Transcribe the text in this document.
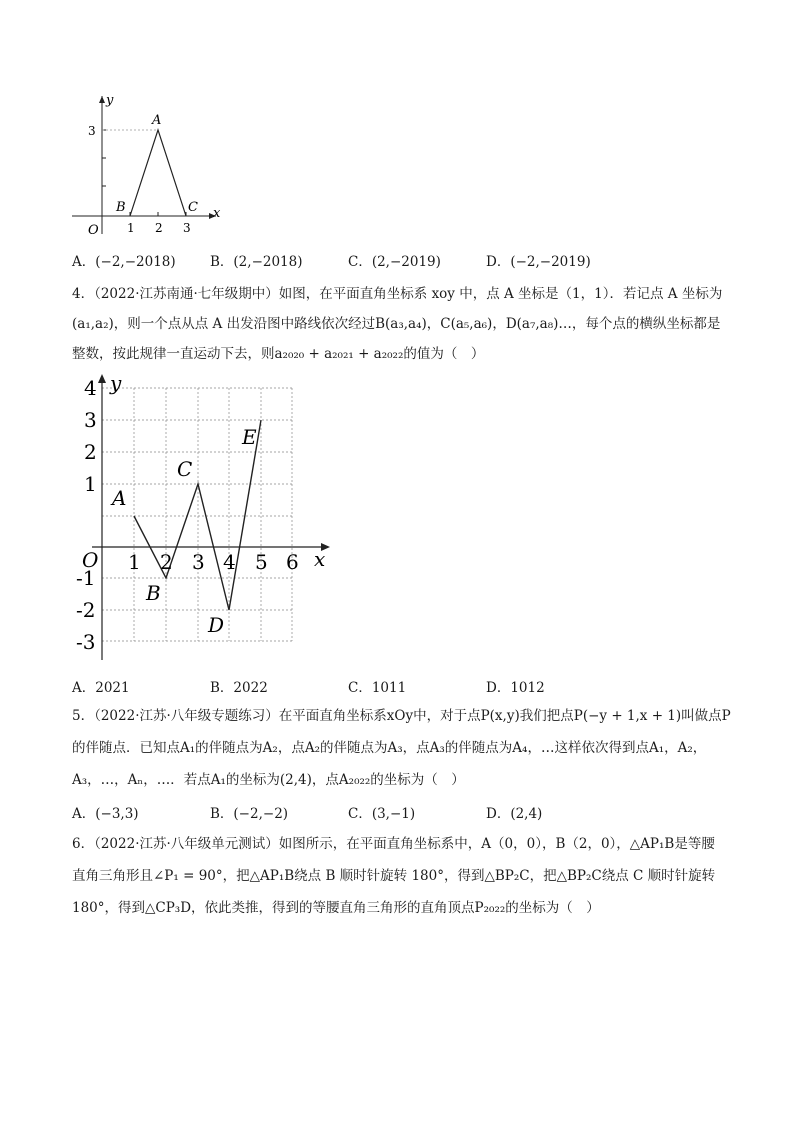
y
x
O
3
1 2 3
A
B	C
A．(−2,−2018)	B．(2,−2018)	C．(2,−2019)	D．(−2,−2019)
4．（2022·江苏南通·七年级期中）如图，在平面直角坐标系 xoy 中，点 A 坐标是（1，1）．若记点 A 坐标为
(a₁,a₂)，则一个点从点 A 出发沿图中路线依次经过B(a₃,a₄)，C(a₅,a₆)，D(a₇,a₈)…，每个点的横纵坐标都是
整数，按此规律一直运动下去，则a₂₀₂₀ + a₂₀₂₁ + a₂₀₂₂的值为（　）
y
x
O 1 2 3 4 5 6
4
3
2
1
-1
-2
-3
A
B
C
D
E
A．2021	B．2022	C．1011	D．1012
5．（2022·江苏·八年级专题练习）在平面直角坐标系xOy中，对于点P(x,y)我们把点P(−y + 1,x + 1)叫做点P
的伴随点．已知点A₁的伴随点为A₂，点A₂的伴随点为A₃，点A₃的伴随点为A₄，…这样依次得到点A₁，A₂，
A₃，…，Aₙ，…．若点A₁的坐标为(2,4)，点A₂₀₂₂的坐标为（　）
A．(−3,3)	B．(−2,−2)	C．(3,−1)	D．(2,4)
6．（2022·江苏·八年级单元测试）如图所示，在平面直角坐标系中，A（0，0），B（2，0），△AP₁B是等腰
直角三角形且∠P₁ = 90°，把△AP₁B绕点 B 顺时针旋转 180°，得到△BP₂C，把△BP₂C绕点 C 顺时针旋转
180°，得到△CP₃D，依此类推，得到的等腰直角三角形的直角顶点P₂₀₂₂的坐标为（　）
